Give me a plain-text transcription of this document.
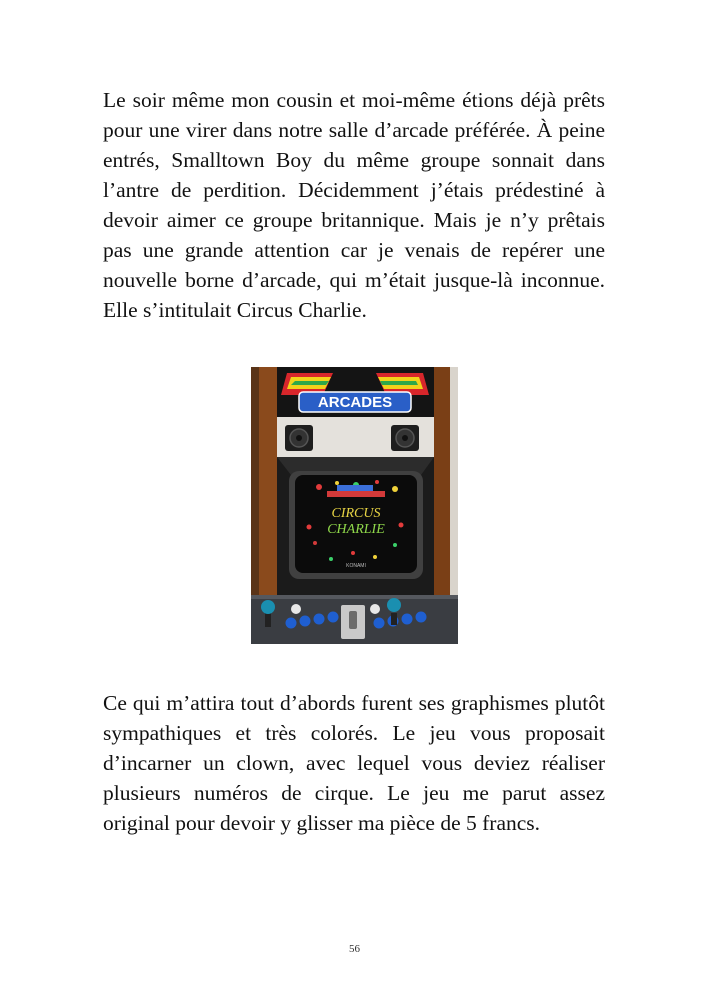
Le soir même mon cousin et moi-même étions déjà prêts pour une virer dans notre salle d’arcade préférée. À peine entrés, Smalltown Boy du même groupe sonnait dans l’antre de perdition. Décidemment j’étais prédestiné à devoir aimer ce groupe britannique. Mais je n’y prêtais pas une grande attention car je venais de repérer une nouvelle borne d’arcade, qui m’était jusque-là inconnue. Elle s’intitulait Circus Charlie.

ARCADES
CIRCUS
CHARLIE
KONAMI

Ce qui m’attira tout d’abords furent ses graphismes plutôt sympathiques et très colorés. Le jeu vous proposait d’incarner un clown, avec lequel vous deviez réaliser plusieurs numéros de cirque. Le jeu me parut assez original pour devoir y glisser ma pièce de 5 francs.

56
